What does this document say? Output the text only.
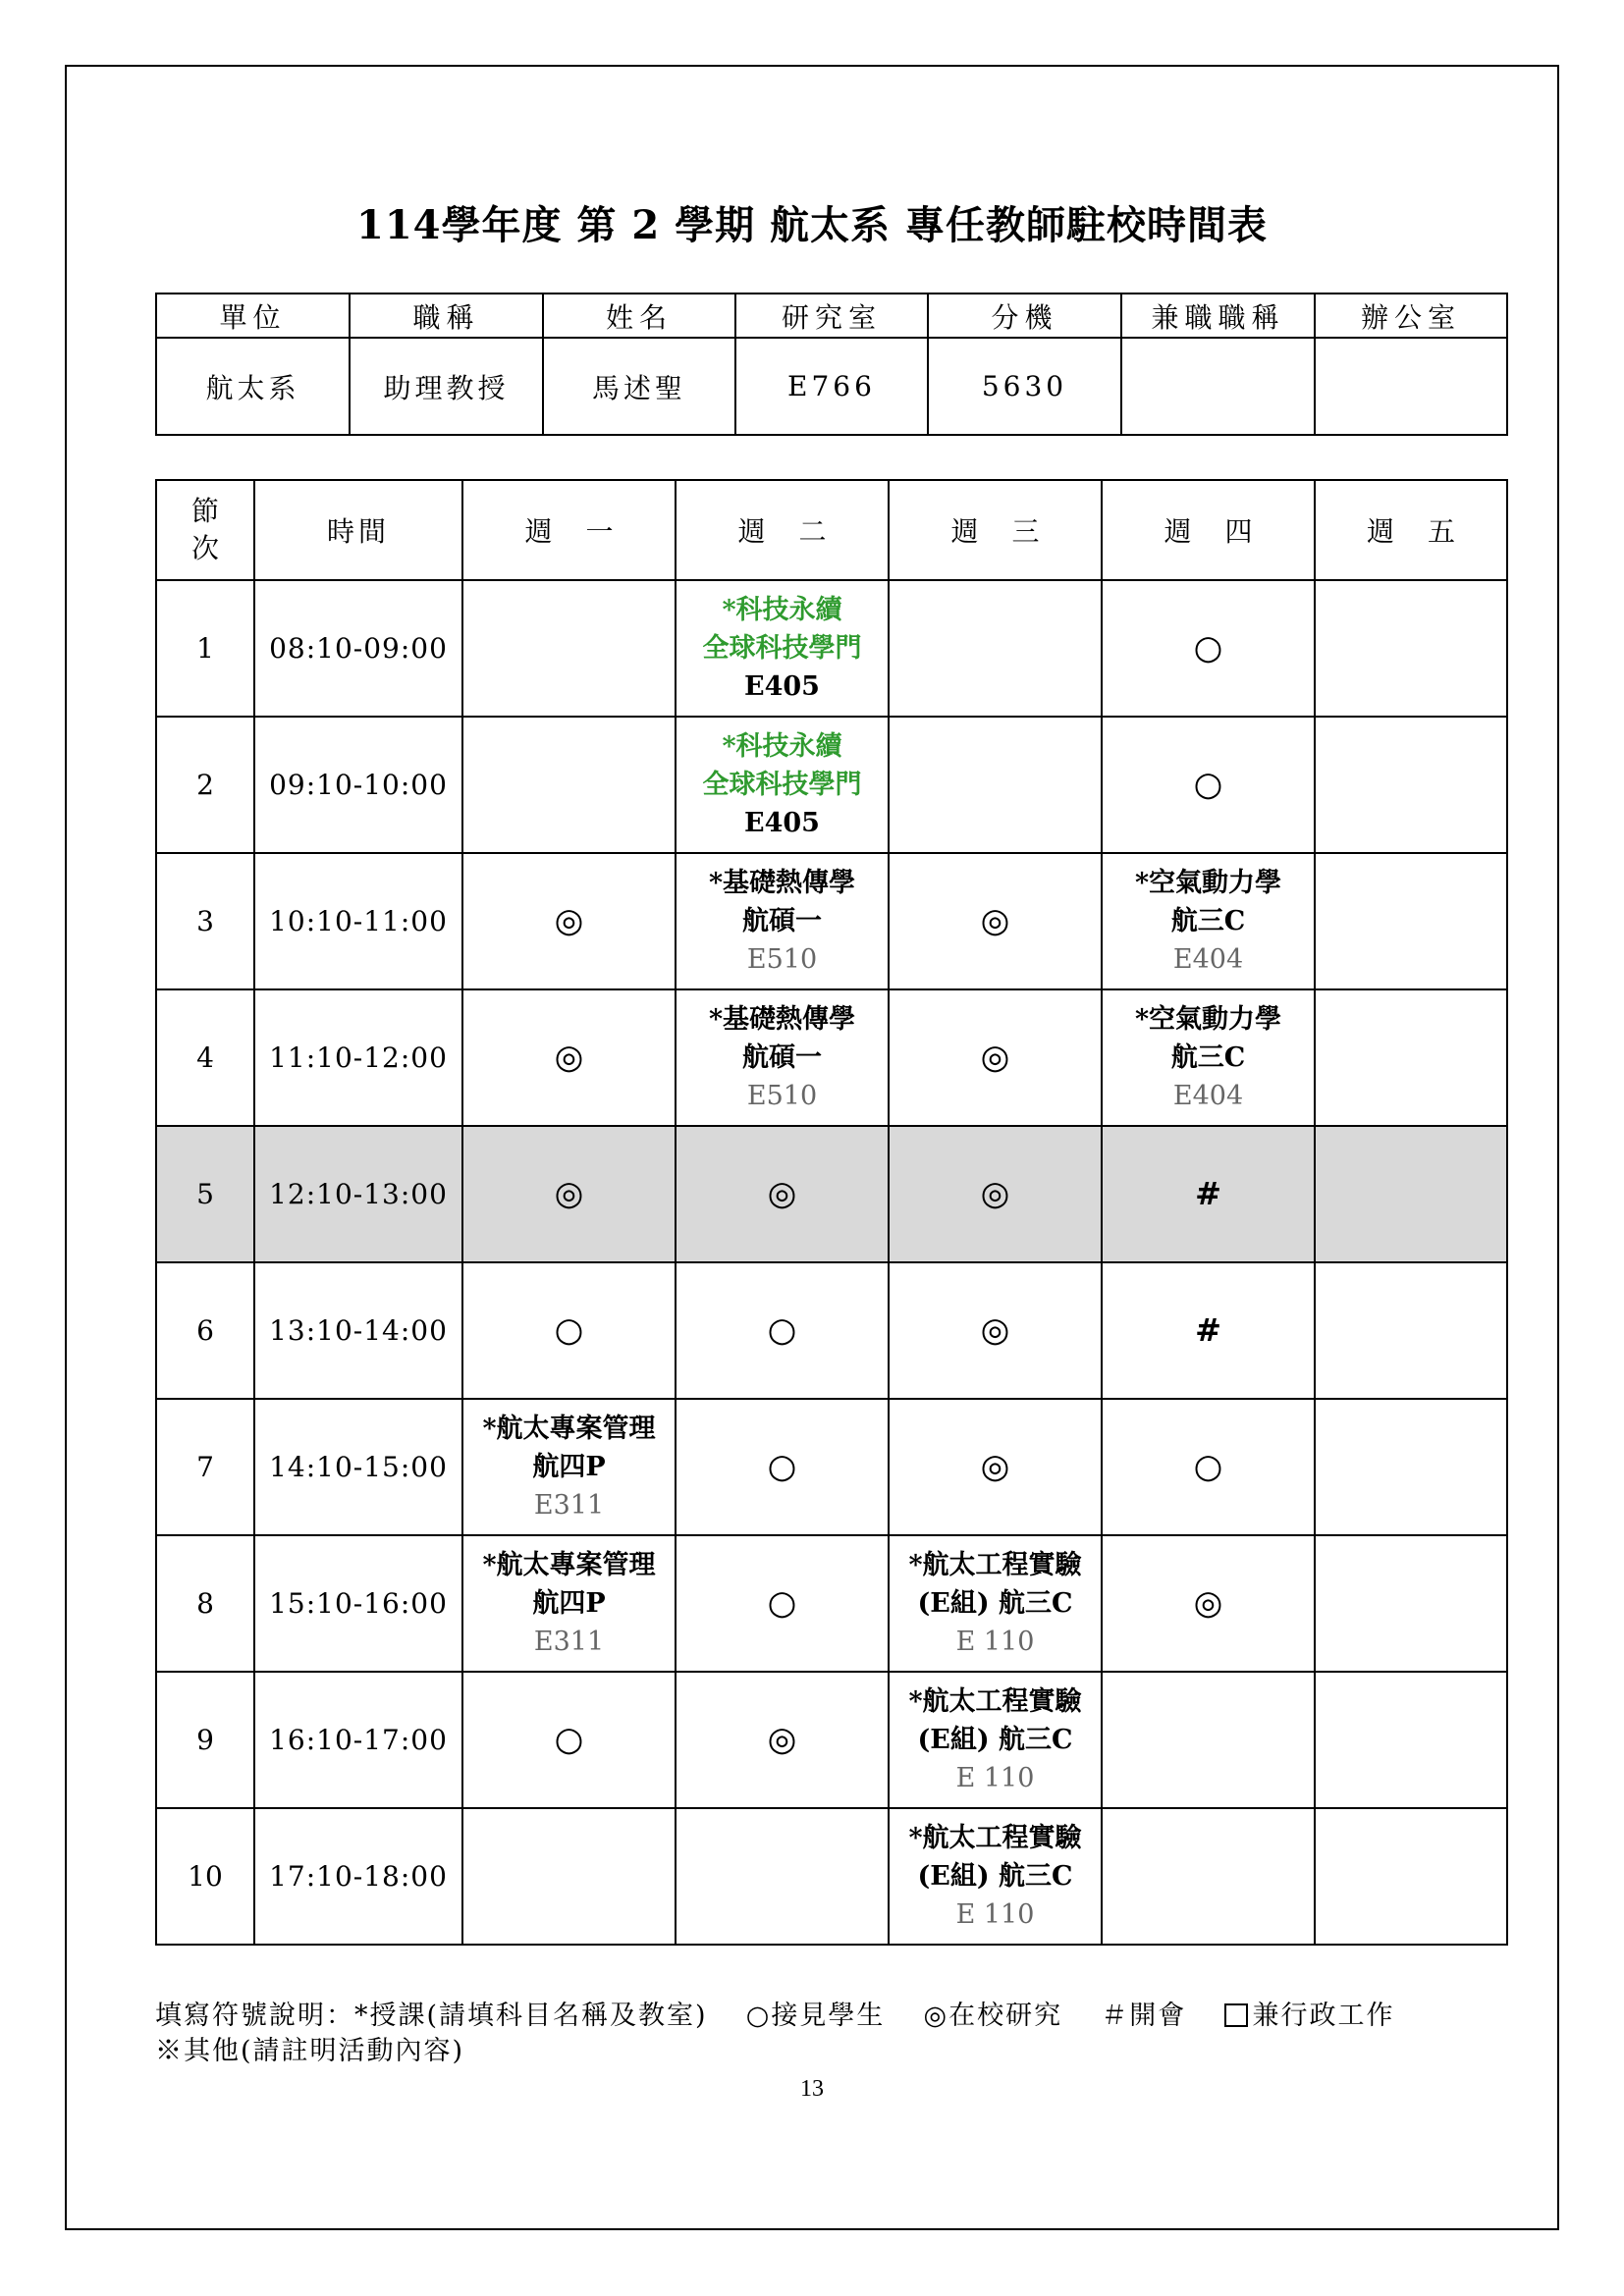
114學年度 第 2 學期 航太系 專任教師駐校時間表
單位	職稱	姓名	研究室	分機	兼職職稱	辦公室
航太系	助理教授	馬述聖	E766	5630		
節
次	時間	週一	週二	週三	週四	週五
1	08:10-09:00		*科技永續
全球科技學門
E405		○	
2	09:10-10:00		*科技永續
全球科技學門
E405		○	
3	10:10-11:00	◎	*基礎熱傳學
航碩一
E510	◎	*空氣動力學
航三C
E404	

4	11:10-12:00	◎	*基礎熱傳學
航碩一
E510	◎	*空氣動力學
航三C
E404	

5	12:10-13:00	◎	◎	◎	#	
6	13:10-14:00	○	○	◎	#	
7	14:10-15:00	*航太專案管理
航四P
E311	○	◎	○	
8	15:10-16:00	*航太專案管理
航四P
E311	○	*航太工程實驗
(E組) 航三C
E 110	◎	
9	16:10-17:00	○	◎	*航太工程實驗
(E組) 航三C
E 110		

10	17:10-18:00			*航太工程實驗
(E組) 航三C
E 110		

填寫符號說明：*授課(請填科目名稱及教室) ○接見學生 ◎在校研究 ＃開會 兼行政工作
※其他(請註明活動內容)
13
